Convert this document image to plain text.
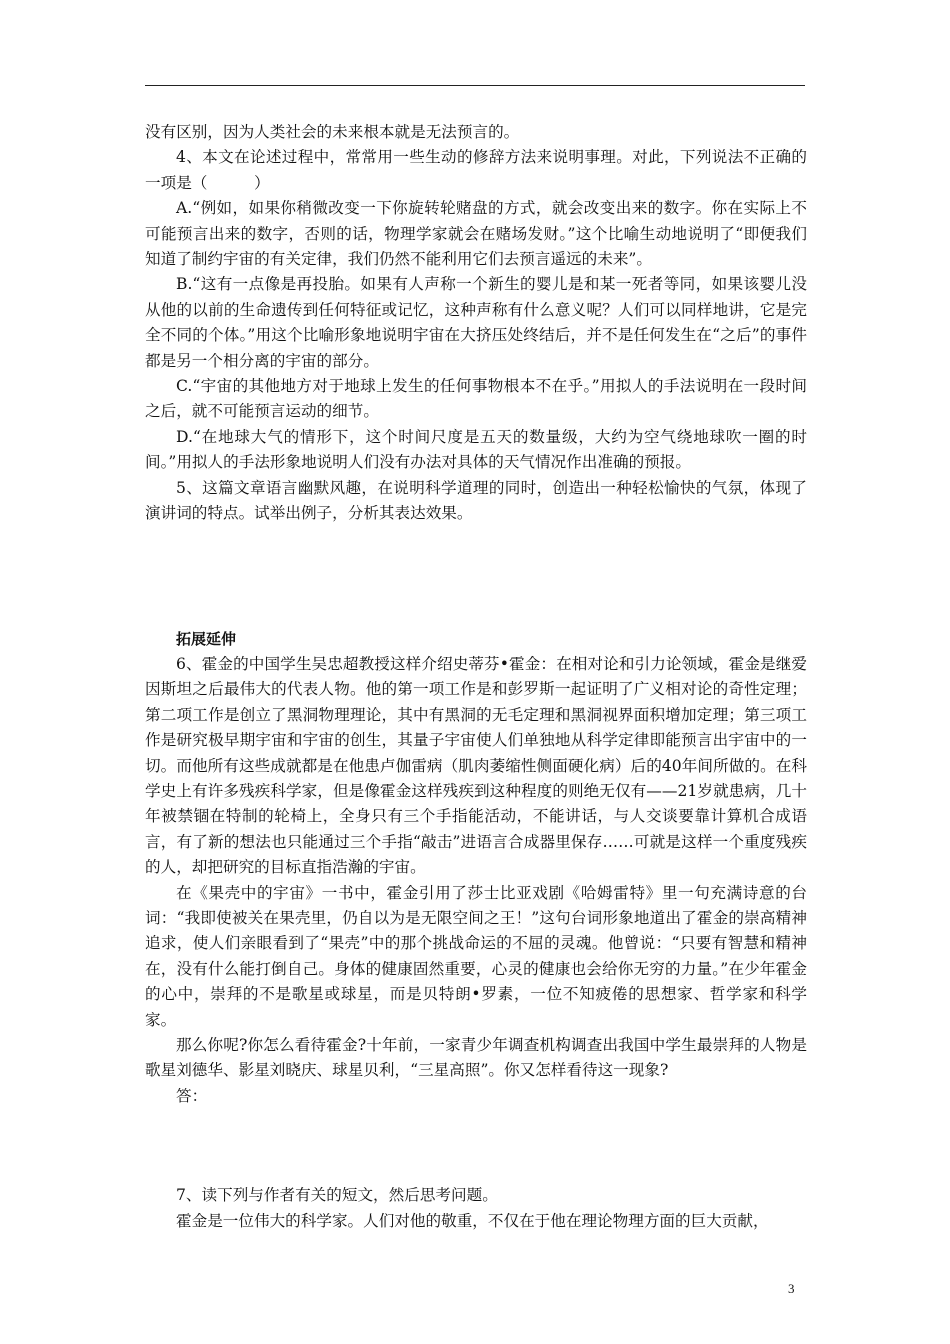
没有区别，因为人类社会的未来根本就是无法预言的。

4、本文在论述过程中，常常用一些生动的修辞方法来说明事理。对此，下列说法不正确的一项是（　　　）

A.“例如，如果你稍微改变一下你旋转轮赌盘的方式，就会改变出来的数字。你在实际上不可能预言出来的数字，否则的话，物理学家就会在赌场发财。”这个比喻生动地说明了“即便我们知道了制约宇宙的有关定律，我们仍然不能利用它们去预言遥远的未来”。

B.“这有一点像是再投胎。如果有人声称一个新生的婴儿是和某一死者等同，如果该婴儿没从他的以前的生命遗传到任何特征或记忆，这种声称有什么意义呢？人们可以同样地讲，它是完全不同的个体。”用这个比喻形象地说明宇宙在大挤压处终结后，并不是任何发生在“之后”的事件都是另一个相分离的宇宙的部分。

C.“宇宙的其他地方对于地球上发生的任何事物根本不在乎。”用拟人的手法说明在一段时间之后，就不可能预言运动的细节。

D.“在地球大气的情形下，这个时间尺度是五天的数量级，大约为空气绕地球吹一圈的时间。”用拟人的手法形象地说明人们没有办法对具体的天气情况作出准确的预报。

5、这篇文章语言幽默风趣，在说明科学道理的同时，创造出一种轻松愉快的气氛，体现了演讲词的特点。试举出例子，分析其表达效果。

拓展延伸

6、霍金的中国学生吴忠超教授这样介绍史蒂芬•霍金：在相对论和引力论领域，霍金是继爱因斯坦之后最伟大的代表人物。他的第一项工作是和彭罗斯一起证明了广义相对论的奇性定理；第二项工作是创立了黑洞物理理论，其中有黑洞的无毛定理和黑洞视界面积增加定理；第三项工作是研究极早期宇宙和宇宙的创生，其量子宇宙使人们单独地从科学定律即能预言出宇宙中的一切。而他所有这些成就都是在他患卢伽雷病（肌肉萎缩性侧面硬化病）后的40年间所做的。在科学史上有许多残疾科学家，但是像霍金这样残疾到这种程度的则绝无仅有——21岁就患病，几十年被禁锢在特制的轮椅上，全身只有三个手指能活动，不能讲话，与人交谈要靠计算机合成语言，有了新的想法也只能通过三个手指“敲击”进语言合成器里保存……可就是这样一个重度残疾的人，却把研究的目标直指浩瀚的宇宙。

在《果壳中的宇宙》一书中，霍金引用了莎士比亚戏剧《哈姆雷特》里一句充满诗意的台词：“我即使被关在果壳里，仍自以为是无限空间之王！”这句台词形象地道出了霍金的崇高精神追求，使人们亲眼看到了“果壳”中的那个挑战命运的不屈的灵魂。他曾说：“只要有智慧和精神在，没有什么能打倒自己。身体的健康固然重要，心灵的健康也会给你无穷的力量。”在少年霍金的心中，崇拜的不是歌星或球星，而是贝特朗•罗素，一位不知疲倦的思想家、哲学家和科学家。

那么你呢?你怎么看待霍金?十年前，一家青少年调查机构调查出我国中学生最崇拜的人物是歌星刘德华、影星刘晓庆、球星贝利，“三星高照”。你又怎样看待这一现象?

答：

7、读下列与作者有关的短文，然后思考问题。

霍金是一位伟大的科学家。人们对他的敬重，不仅在于他在理论物理方面的巨大贡献，

3
